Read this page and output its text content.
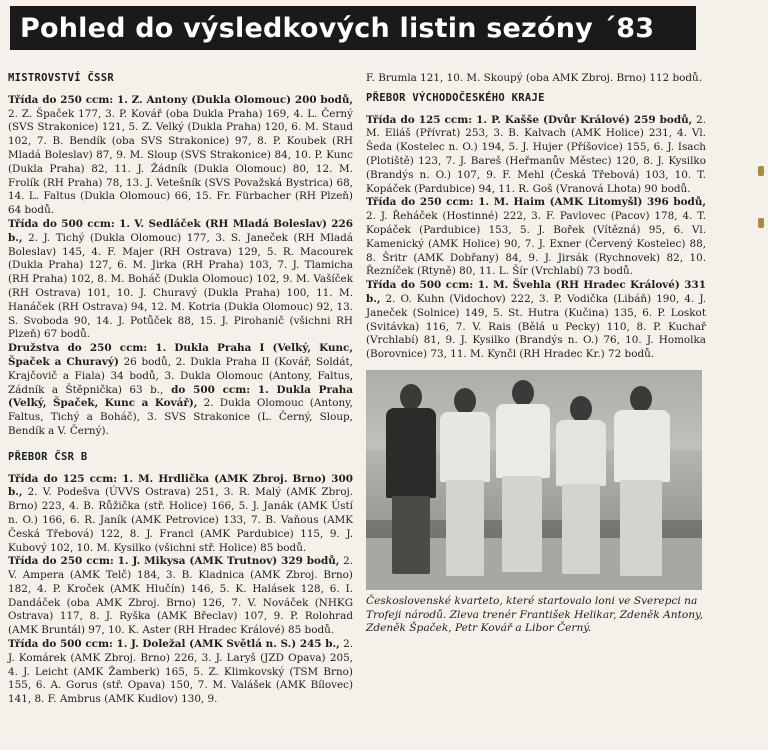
Pohled do výsledkových listin sezóny ´83
MISTROVSTVÍ ČSSR

Třída do 250 ccm: 1. Z. Antony (Dukla Olomouc) 200 bodů, 2. Z. Špaček 177, 3. P. Kovář (oba Dukla Praha) 169, 4. L. Černý (SVS Strakonice) 121, 5. Z. Velký (Dukla Praha) 120, 6. M. Staud 102, 7. B. Bendík (oba SVS Strakonice) 97, 8. P. Koubek (RH Mladá Boleslav) 87, 9. M. Sloup (SVS Strakonice) 84, 10. P. Kunc (Dukla Praha) 82, 11. J. Žádník (Dukla Olomouc) 80, 12. M. Frolík (RH Praha) 78, 13. J. Vetešník (SVS Považská Bystrica) 68, 14. L. Faltus (Dukla Olomouc) 66, 15. Fr. Fürbacher (RH Plzeň) 64 bodů.

Třída do 500 ccm: 1. V. Sedláček (RH Mladá Boleslav) 226 b., 2. J. Tichý (Dukla Olomouc) 177, 3. S. Janeček (RH Mladá Boleslav) 145, 4. F. Majer (RH Ostrava) 129, 5. R. Macourek (Dukla Praha) 127, 6. M. Jirka (RH Praha) 103, 7. J. Tlamicha (RH Praha) 102, 8. M. Boháč (Dukla Olomouc) 102, 9. M. Vašíček (RH Ostrava) 101, 10. J. Churavý (Dukla Praha) 100, 11. M. Hanáček (RH Ostrava) 94, 12. M. Kotria (Dukla Olomouc) 92, 13. S. Svoboda 90, 14. J. Potůček 88, 15. J. Pirohanič (všichni RH Plzeň) 67 bodů.

Družstva do 250 ccm: 1. Dukla Praha I (Velký, Kunc, Špaček a Churavý) 26 bodů, 2. Dukla Praha II (Kovář, Soldát, Krajčovič a Fiala) 34 bodů, 3. Dukla Olomouc (Antony, Faltus, Zádník a Štěpnička) 63 b., do 500 ccm: 1. Dukla Praha (Velký, Špaček, Kunc a Kovář), 2. Dukla Olomouc (Antony, Faltus, Tichý a Boháč), 3. SVS Strakonice (L. Černý, Sloup, Bendík a V. Černý).

PŘEBOR ČSR B

Třída do 125 ccm: 1. M. Hrdlička (AMK Zbroj. Brno) 300 b., 2. V. Podešva (ÚVVS Ostrava) 251, 3. R. Malý (AMK Zbroj. Brno) 223, 4. B. Růžička (stř. Holice) 166, 5. J. Janák (AMK Ústí n. O.) 166, 6. R. Janík (AMK Petrovice) 133, 7. B. Vaňous (AMK Česká Třebová) 122, 8. J. Francl (AMK Pardubice) 115, 9. J. Kubový 102, 10. M. Kysilko (všichni stř. Holice) 85 bodů.

Třída do 250 ccm: 1. J. Mikysa (AMK Trutnov) 329 bodů, 2. V. Ampera (AMK Telč) 184, 3. B. Kladnica (AMK Zbroj. Brno) 182, 4. P. Kroček (AMK Hlučín) 146, 5. K. Halásek 128, 6. I. Dandáček (oba AMK Zbroj. Brno) 126, 7. V. Nováček (NHKG Ostrava) 117, 8. J. Ryška (AMK Břeclav) 107, 9. P. Rolohrad (AMK Bruntál) 97, 10. K. Aster (RH Hradec Králové) 85 bodů.

Třída do 500 ccm: 1. J. Doležal (AMK Světlá n. S.) 245 b., 2. J. Komárek (AMK Zbroj. Brno) 226, 3. J. Laryš (JZD Opava) 205, 4. J. Leicht (AMK Žamberk) 165, 5. Z. Klimkovský (TSM Brno) 155, 6. A. Gorus (stř. Opava) 150, 7. M. Valášek (AMK Bílovec) 141, 8. F. Ambrus (AMK Kudlov) 130, 9.

F. Brumla 121, 10. M. Skoupý (oba AMK Zbroj. Brno) 112 bodů.

PŘEBOR VÝCHODOČESKÉHO KRAJE

Třída do 125 ccm: 1. P. Kašše (Dvůr Králové) 259 bodů, 2. M. Eliáš (Přívrat) 253, 3. B. Kalvach (AMK Holice) 231, 4. Vl. Šeda (Kostelec n. O.) 194, 5. J. Hujer (Příšovice) 155, 6. J. Isach (Plotiště) 123, 7. J. Bareš (Heřmanův Městec) 120, 8. J. Kysilko (Brandýs n. O.) 107, 9. F. Mehl (Česká Třebová) 103, 10. T. Kopáček (Pardubice) 94, 11. R. Goš (Vranová Lhota) 90 bodů.

Třída do 250 ccm: 1. M. Haim (AMK Litomyšl) 396 bodů, 2. J. Řeháček (Hostinné) 222, 3. F. Pavlovec (Pacov) 178, 4. T. Kopáček (Pardubice) 153, 5. J. Bořek (Vítězná) 95, 6. Vl. Kamenický (AMK Holice) 90, 7. J. Exner (Červený Kostelec) 88, 8. Šritr (AMK Dobřany) 84, 9. J. Jirsák (Rychnovek) 82, 10. Řezníček (Rtyně) 80, 11. L. Šír (Vrchlabí) 73 bodů.

Třída do 500 ccm: 1. M. Švehla (RH Hradec Králové) 331 b., 2. O. Kuhn (Vidochov) 222, 3. P. Vodička (Libáň) 190, 4. J. Janeček (Solnice) 149, 5. St. Hutra (Kučina) 135, 6. P. Loskot (Svitávka) 116, 7. V. Rais (Bělá u Pecky) 110, 8. P. Kuchař (Vrchlabí) 81, 9. J. Kysilko (Brandýs n. O.) 76, 10. J. Homolka (Borovnice) 73, 11. M. Kynčl (RH Hradec Kr.) 72 bodů.

Československé kvarteto, které startovalo loni ve Sverepci na Trofeji národů. Zleva trenér František Helikar, Zdeněk Antony, Zdeněk Špaček, Petr Kovář a Libor Černý.
